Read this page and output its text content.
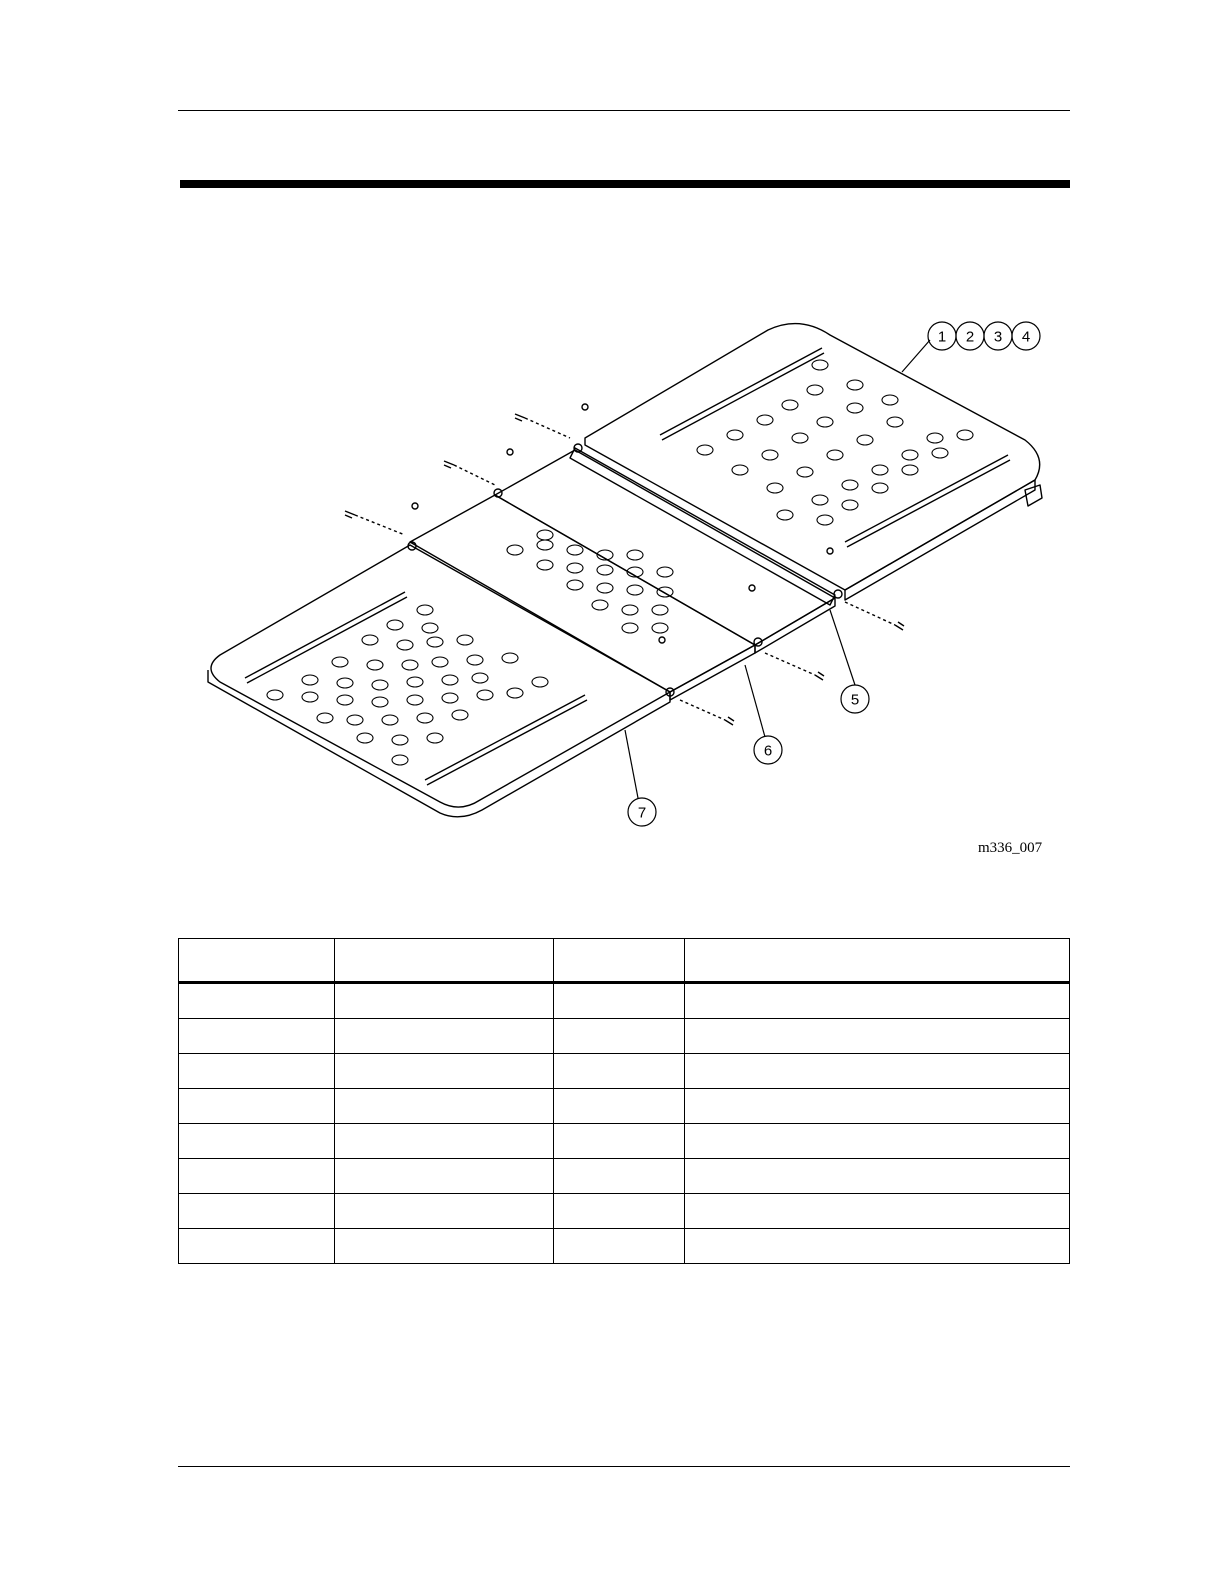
1 2 3 4
5
6
7
m336_007
